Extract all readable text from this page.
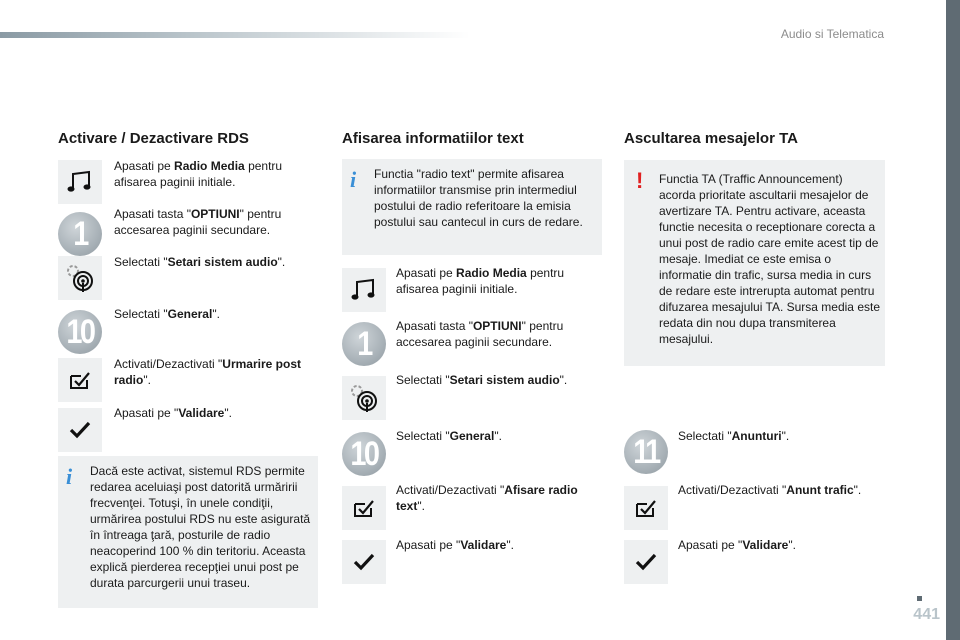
Audio si Telematica
Activare / Dezactivare RDS
Apasati pe Radio Media pentru afisarea paginii initiale.
1
Apasati tasta "OPTIUNI" pentru accesarea paginii secundare.
Selectati "Setari sistem audio".
10 Selectati "General".
Activati/Dezactivati "Urmarire post radio".
Apasati pe "Validare".
i Dacă este activat, sistemul RDS permite redarea aceluiaşi post datorită urmăririi frecvenţei. Totuşi, în unele condiţii, urmărirea postului RDS nu este asigurată în întreaga ţară, posturile de radio neacoperind 100 % din teritoriu. Aceasta explică pierderea recepţiei unui post pe durata parcurgerii unui traseu.
Afisarea informatiilor text
i Functia "radio text" permite afisarea informatiilor transmise prin intermediul postului de radio referitoare la emisia postului sau cantecul in curs de redare.
Apasati pe Radio Media pentru afisarea paginii initiale.
1 Apasati tasta "OPTIUNI" pentru accesarea paginii secundare.
Selectati "Setari sistem audio".
10 Selectati "General".
Activati/Dezactivati "Afisare radio text".
Apasati pe "Validare".
Ascultarea mesajelor TA
! Functia TA (Traffic Announcement) acorda prioritate ascultarii mesajelor de avertizare TA. Pentru activare, aceasta functie necesita o receptionare corecta a unui post de radio care emite acest tip de mesaje. Imediat ce este emisa o informatie din trafic, sursa media in curs de redare este intrerupta automat pentru difuzarea mesajului TA. Sursa media este redata din nou dupa transmiterea mesajului.
11 Selectati "Anunturi".
Activati/Dezactivati "Anunt trafic".
Apasati pe "Validare".
441
